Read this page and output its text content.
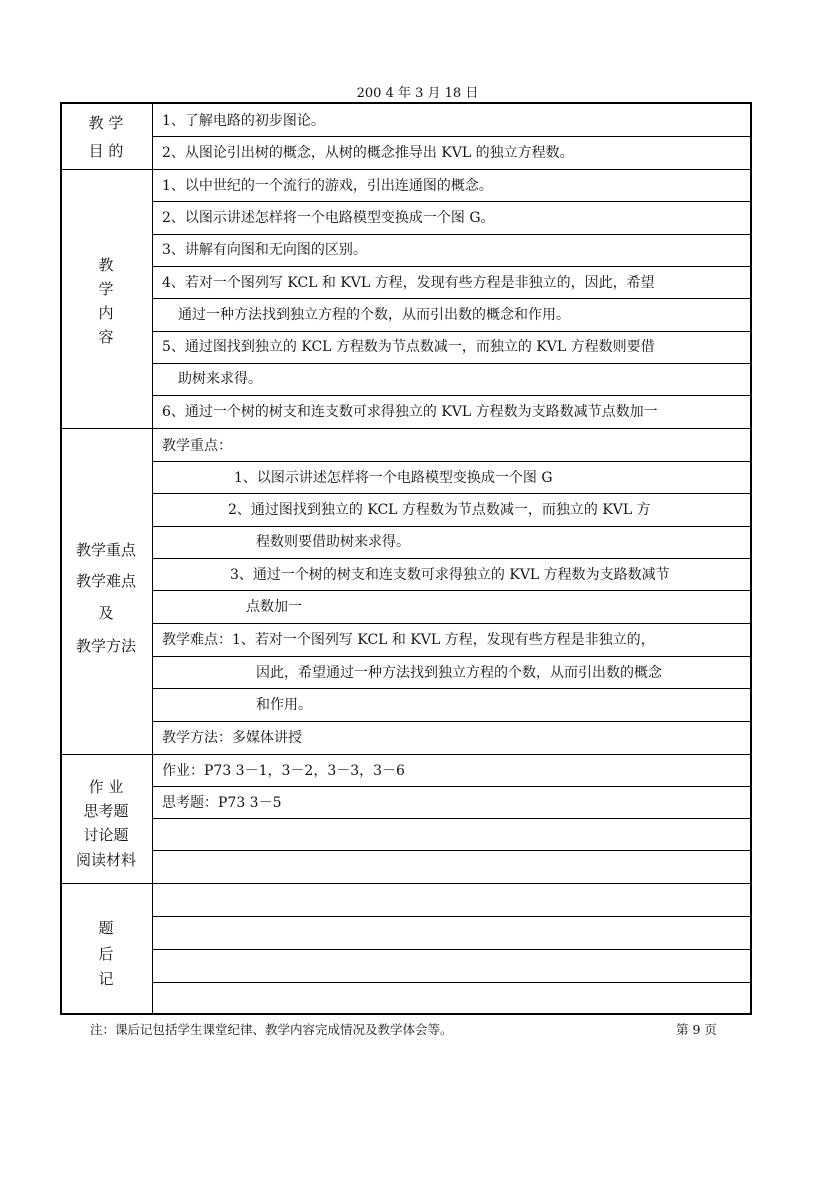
200 4 年 3 月 18 日
教 学
目 的
1、了解电路的初步图论。
2、从图论引出树的概念，从树的概念推导出 KVL 的独立方程数。
教
学
内
容
1、以中世纪的一个流行的游戏，引出连通图的概念。
2、以图示讲述怎样将一个电路模型变换成一个图 G。
3、讲解有向图和无向图的区别。
4、若对一个图列写 KCL 和 KVL 方程，发现有些方程是非独立的，因此，希望
通过一种方法找到独立方程的个数，从而引出数的概念和作用。
5、通过图找到独立的 KCL 方程数为节点数减一，而独立的 KVL 方程数则要借
助树来求得。
6、通过一个树的树支和连支数可求得独立的 KVL 方程数为支路数减节点数加一
教学重点
教学难点
及
教学方法
教学重点：
1、以图示讲述怎样将一个电路模型变换成一个图 G
2、通过图找到独立的 KCL 方程数为节点数减一，而独立的 KVL 方
程数则要借助树来求得。
3、通过一个树的树支和连支数可求得独立的 KVL 方程数为支路数减节
点数加一
教学难点：1、若对一个图列写 KCL 和 KVL 方程，发现有些方程是非独立的，
因此，希望通过一种方法找到独立方程的个数，从而引出数的概念
和作用。
教学方法：多媒体讲授
作 业
思考题
讨论题
阅读材料
作业：P73 3－1，3－2，3－3，3－6
思考题：P73 3－5
题
后
记
注：课后记包括学生课堂纪律、教学内容完成情况及教学体会等。	第 9 页
